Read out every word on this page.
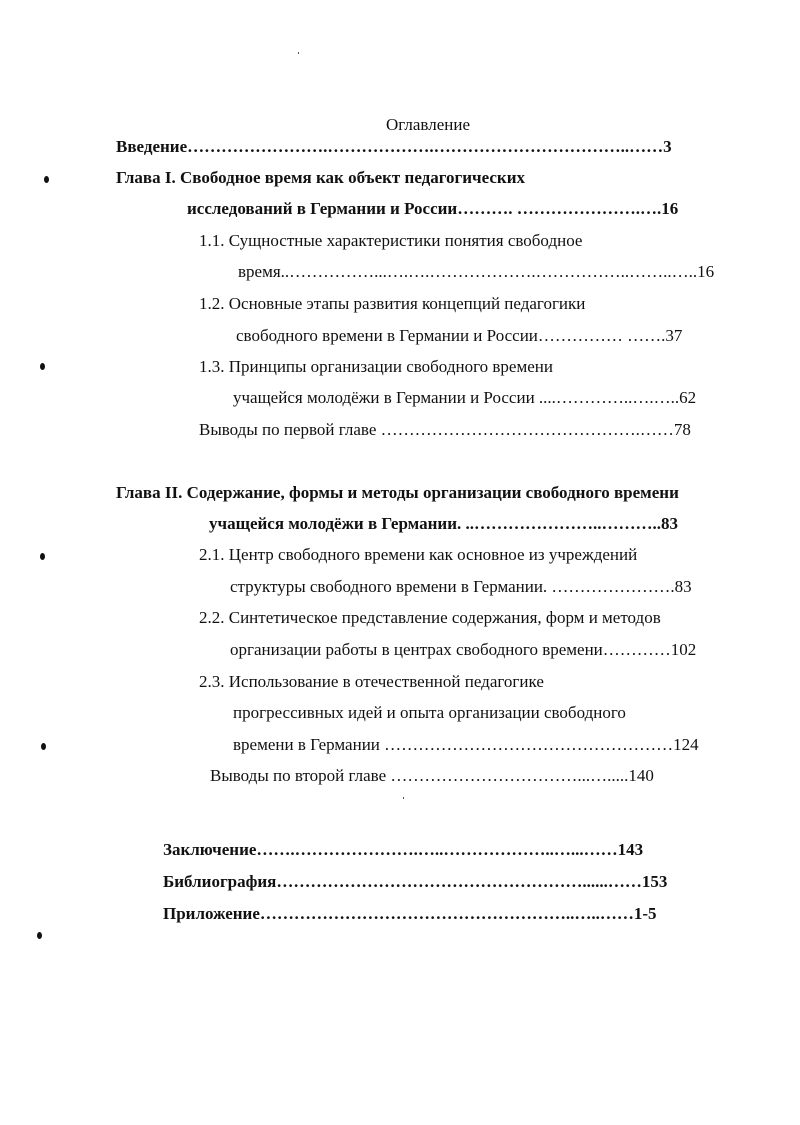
Оглавление
Введение…………………….……………….……………………………..……3
Глава I. Свободное время как объект педагогических
исследований в Германии и России………. ………………….….16
1.1. Сущностные характеристики понятия свободное
время..……………...….….……………….……………..……..…..16
1.2. Основные этапы развития концепций педагогики
свободного времени в Германии и России…………… …….37
1.3. Принципы организации свободного времени
учащейся молодёжи в Германии и России ....…………..….…..62
Выводы по первой главе ……………………………………….……78
Глава II. Содержание, формы и методы организации свободного времени
учащейся молодёжи в Германии. ..…………………..………..83
2.1. Центр свободного времени как основное из учреждений
структуры свободного времени в Германии. ………………….83
2.2. Синтетическое представление содержания, форм и методов
организации работы в центрах свободного времени…………102
2.3. Использование в отечественной педагогике
прогрессивных идей и опыта организации свободного
времени в Германии ……………………………………………124
Выводы по второй главе ……………………………...….....140
Заключение…….………………….…..………………..…...……143
Библиография………………………………………………......……153
Приложение………………………………………………..…..……1-5
